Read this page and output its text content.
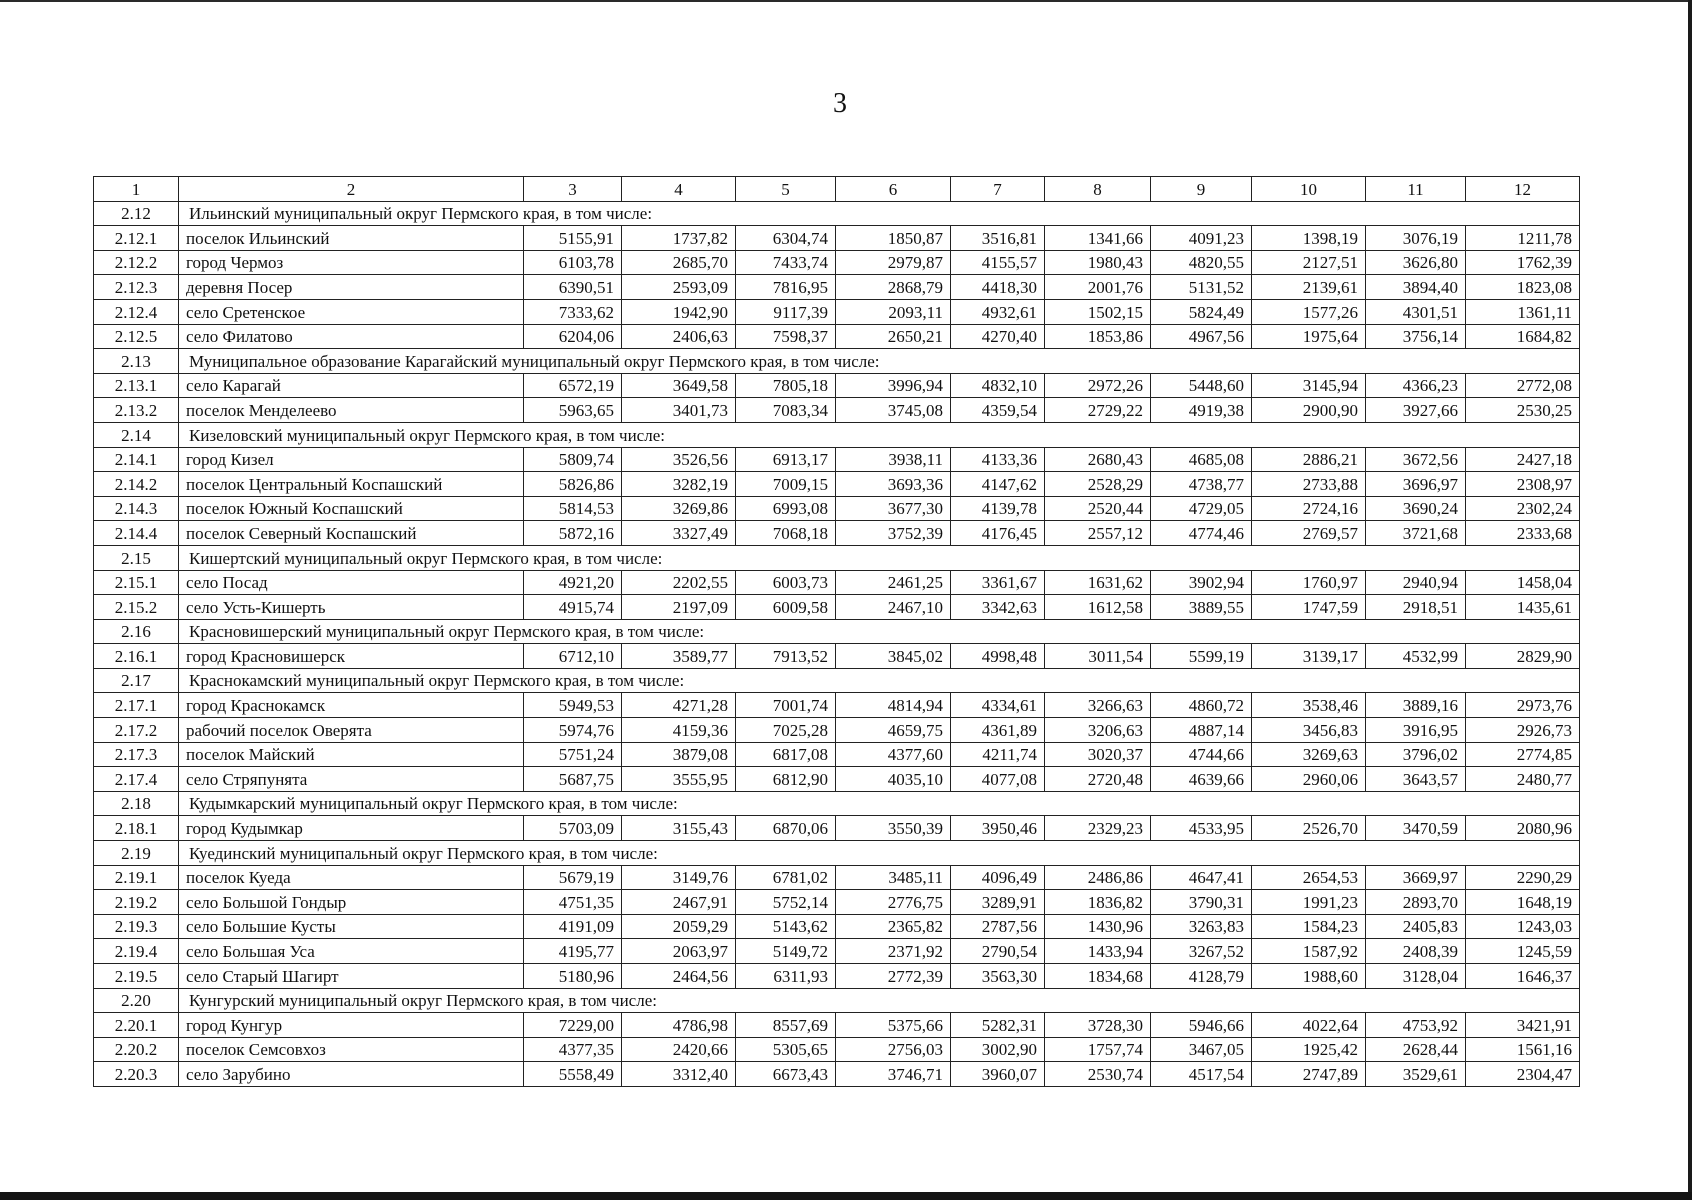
3
1	2	3	4	5	6	7	8	9	10	11	12
2.12	Ильинский муниципальный округ Пермского края, в том числе:										
2.12.1	поселок Ильинский	5155,91	1737,82	6304,74	1850,87	3516,81	1341,66	4091,23	1398,19	3076,19	1211,78
2.12.2	город Чермоз	6103,78	2685,70	7433,74	2979,87	4155,57	1980,43	4820,55	2127,51	3626,80	1762,39
2.12.3	деревня Посер	6390,51	2593,09	7816,95	2868,79	4418,30	2001,76	5131,52	2139,61	3894,40	1823,08
2.12.4	село Сретенское	7333,62	1942,90	9117,39	2093,11	4932,61	1502,15	5824,49	1577,26	4301,51	1361,11
2.12.5	село Филатово	6204,06	2406,63	7598,37	2650,21	4270,40	1853,86	4967,56	1975,64	3756,14	1684,82
2.13	Муниципальное образование Карагайский муниципальный округ Пермского края, в том числе:										
2.13.1	село Карагай	6572,19	3649,58	7805,18	3996,94	4832,10	2972,26	5448,60	3145,94	4366,23	2772,08
2.13.2	поселок Менделеево	5963,65	3401,73	7083,34	3745,08	4359,54	2729,22	4919,38	2900,90	3927,66	2530,25
2.14	Кизеловский муниципальный округ Пермского края, в том числе:										
2.14.1	город Кизел	5809,74	3526,56	6913,17	3938,11	4133,36	2680,43	4685,08	2886,21	3672,56	2427,18
2.14.2	поселок Центральный Коспашский	5826,86	3282,19	7009,15	3693,36	4147,62	2528,29	4738,77	2733,88	3696,97	2308,97
2.14.3	поселок Южный Коспашский	5814,53	3269,86	6993,08	3677,30	4139,78	2520,44	4729,05	2724,16	3690,24	2302,24
2.14.4	поселок Северный Коспашский	5872,16	3327,49	7068,18	3752,39	4176,45	2557,12	4774,46	2769,57	3721,68	2333,68
2.15	Кишертский муниципальный округ Пермского края, в том числе:										
2.15.1	село Посад	4921,20	2202,55	6003,73	2461,25	3361,67	1631,62	3902,94	1760,97	2940,94	1458,04
2.15.2	село Усть-Кишерть	4915,74	2197,09	6009,58	2467,10	3342,63	1612,58	3889,55	1747,59	2918,51	1435,61
2.16	Красновишерский муниципальный округ Пермского края, в том числе:										
2.16.1	город Красновишерск	6712,10	3589,77	7913,52	3845,02	4998,48	3011,54	5599,19	3139,17	4532,99	2829,90
2.17	Краснокамский муниципальный округ Пермского края, в том числе:										
2.17.1	город Краснокамск	5949,53	4271,28	7001,74	4814,94	4334,61	3266,63	4860,72	3538,46	3889,16	2973,76
2.17.2	рабочий поселок Оверята	5974,76	4159,36	7025,28	4659,75	4361,89	3206,63	4887,14	3456,83	3916,95	2926,73
2.17.3	поселок Майский	5751,24	3879,08	6817,08	4377,60	4211,74	3020,37	4744,66	3269,63	3796,02	2774,85
2.17.4	село Стряпунята	5687,75	3555,95	6812,90	4035,10	4077,08	2720,48	4639,66	2960,06	3643,57	2480,77
2.18	Кудымкарский муниципальный округ Пермского края, в том числе:										
2.18.1	город Кудымкар	5703,09	3155,43	6870,06	3550,39	3950,46	2329,23	4533,95	2526,70	3470,59	2080,96
2.19	Куединский муниципальный округ Пермского края, в том числе:										
2.19.1	поселок Куеда	5679,19	3149,76	6781,02	3485,11	4096,49	2486,86	4647,41	2654,53	3669,97	2290,29
2.19.2	село Большой Гондыр	4751,35	2467,91	5752,14	2776,75	3289,91	1836,82	3790,31	1991,23	2893,70	1648,19
2.19.3	село Большие Кусты	4191,09	2059,29	5143,62	2365,82	2787,56	1430,96	3263,83	1584,23	2405,83	1243,03
2.19.4	село Большая Уса	4195,77	2063,97	5149,72	2371,92	2790,54	1433,94	3267,52	1587,92	2408,39	1245,59
2.19.5	село Старый Шагирт	5180,96	2464,56	6311,93	2772,39	3563,30	1834,68	4128,79	1988,60	3128,04	1646,37
2.20	Кунгурский муниципальный округ Пермского края, в том числе:										
2.20.1	город Кунгур	7229,00	4786,98	8557,69	5375,66	5282,31	3728,30	5946,66	4022,64	4753,92	3421,91
2.20.2	поселок Семсовхоз	4377,35	2420,66	5305,65	2756,03	3002,90	1757,74	3467,05	1925,42	2628,44	1561,16
2.20.3	село Зарубино	5558,49	3312,40	6673,43	3746,71	3960,07	2530,74	4517,54	2747,89	3529,61	2304,47
